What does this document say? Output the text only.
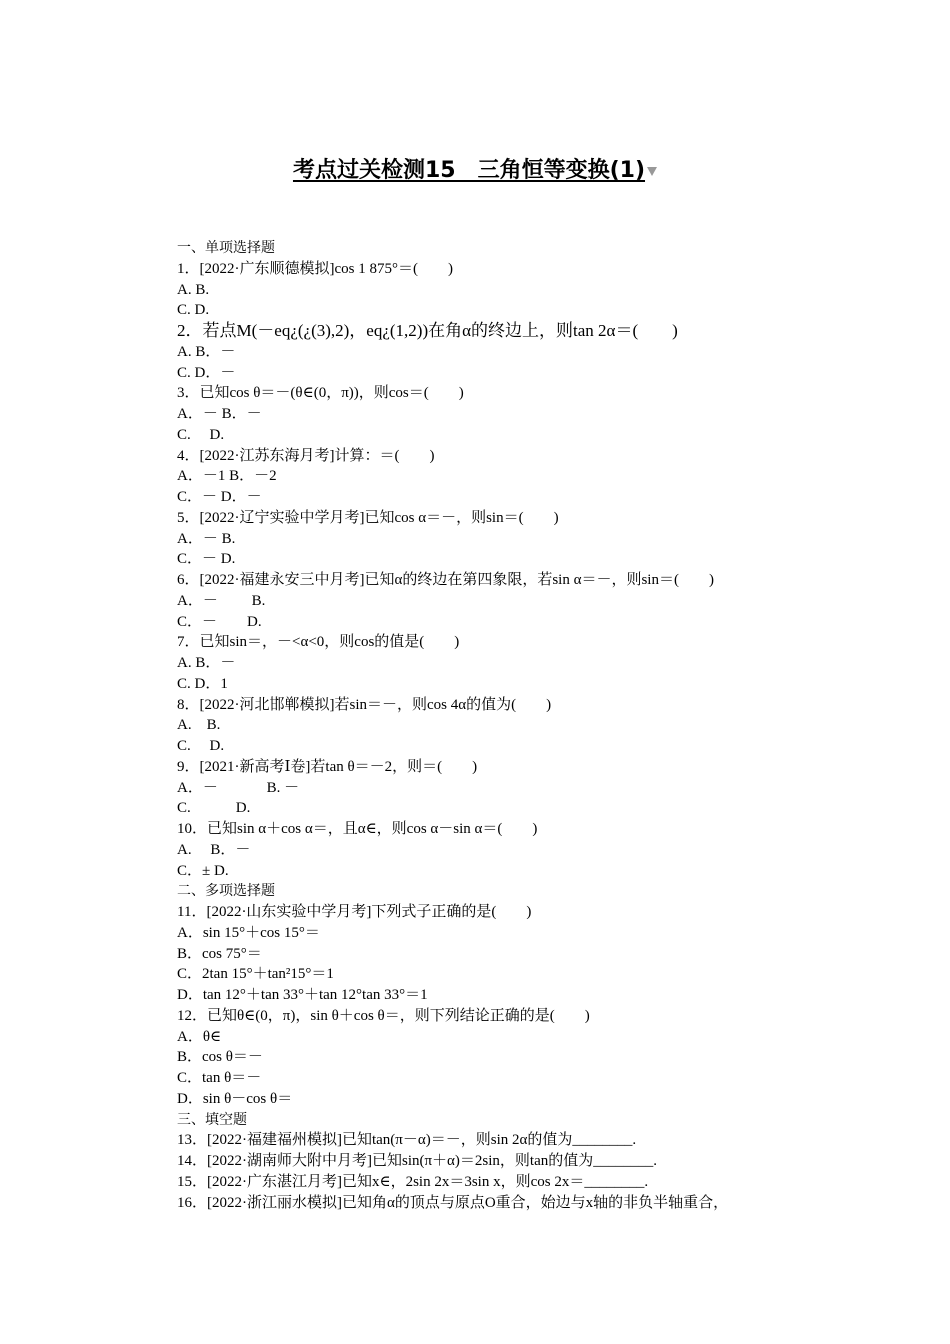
考点过关检测15　三角恒等变换(1)
一、单项选择题
1．[2022·广东顺德模拟]cos 1 875°＝(　　)
A. B.
C. D.
2．若点M(－eq¿(¿(3),2)，eq¿(1,2))在角α的终边上，则tan 2α＝(　　)
A. B．－
C. D．－
3．已知cos θ＝－(θ∈(0，π))，则cos＝(　　)
A．－ B．－
C.　 D.
4．[2022·江苏东海月考]计算：＝(　　)
A．－1 B．－2
C．－ D．－
5．[2022·辽宁实验中学月考]已知cos α＝－，则sin＝(　　)
A．－ B.
C．－ D.
6．[2022·福建永安三中月考]已知α的终边在第四象限，若sin α＝－，则sin＝(　　)
A．－　　 B.
C．－　　D.
7．已知sin＝，－<α<0，则cos的值是(　　)
A. B．－
C. D．1
8．[2022·河北邯郸模拟]若sin＝－，则cos 4α的值为(　　)
A.　B.
C.　 D.
9．[2021·新高考Ⅰ卷]若tan θ＝－2，则＝(　　)
A．－　　　 B. －
C.　　　D.
10．已知sin α＋cos α＝，且α∈，则cos α－sin α＝(　　)
A.　 B．－
C．± D.
二、多项选择题
11．[2022·山东实验中学月考]下列式子正确的是(　　)
A．sin 15°＋cos 15°＝
B．cos 75°＝
C．2tan 15°＋tan²15°＝1
D．tan 12°＋tan 33°＋tan 12°tan 33°＝1
12．已知θ∈(0，π)，sin θ＋cos θ＝，则下列结论正确的是(　　)
A．θ∈
B．cos θ＝－
C．tan θ＝－
D．sin θ－cos θ＝
三、填空题
13．[2022·福建福州模拟]已知tan(π－α)＝－，则sin 2α的值为________.
14．[2022·湖南师大附中月考]已知sin(π＋α)＝2sin，则tan的值为________.
15．[2022·广东湛江月考]已知x∈，2sin 2x＝3sin x，则cos 2x＝________.
16．[2022·浙江丽水模拟]已知角α的顶点与原点O重合，始边与x轴的非负半轴重合，
